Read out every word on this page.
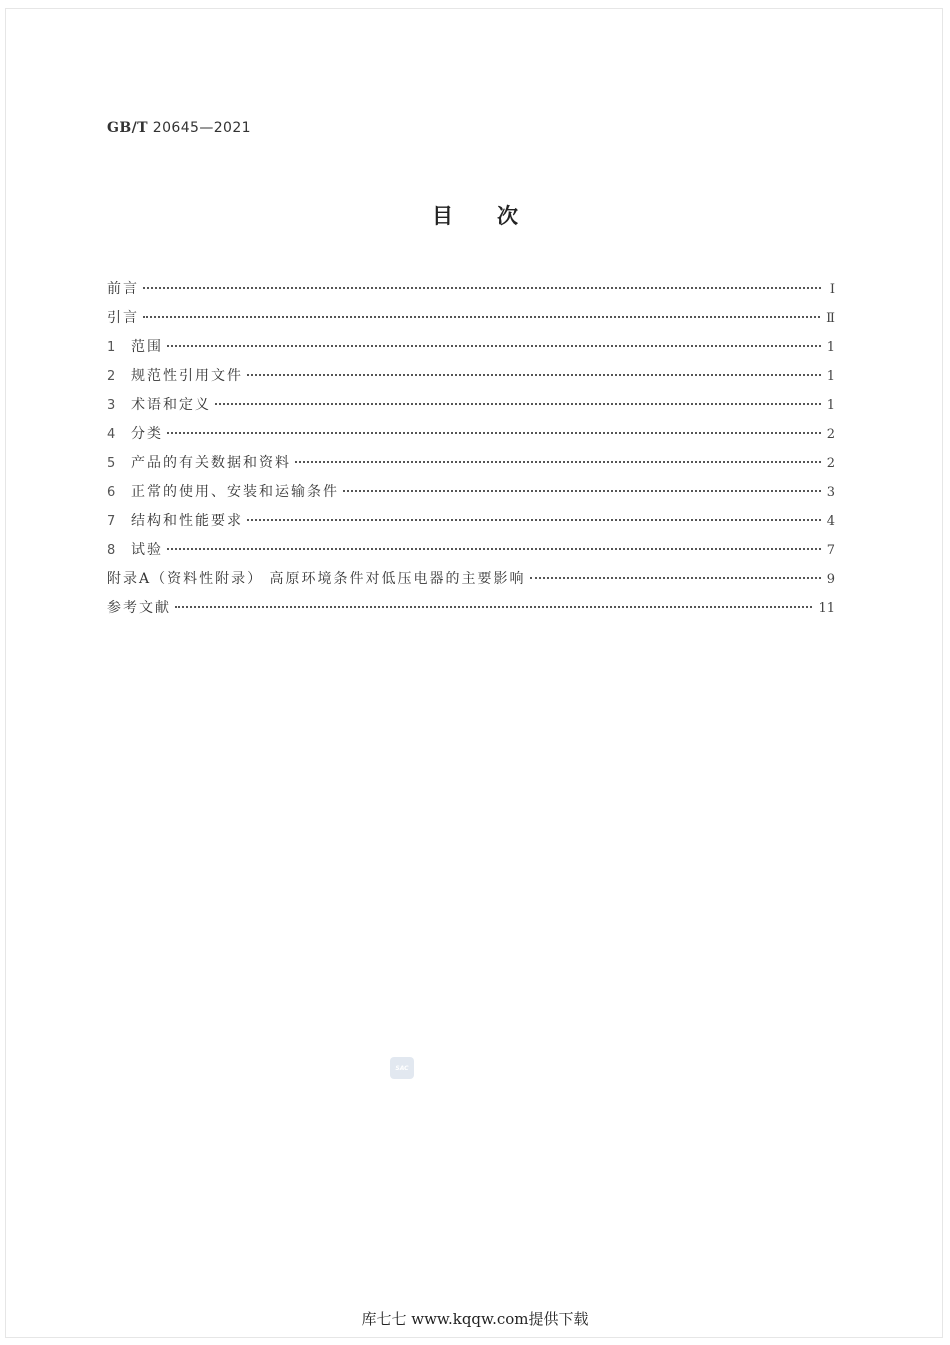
GB/T 20645—2021
目次
前言	Ⅰ
引言	Ⅱ
1	范围	1
2	规范性引用文件	1
3	术语和定义	1
4	分类	2
5	产品的有关数据和资料	2
6	正常的使用、安装和运输条件	3
7	结构和性能要求	4
8	试验	7
附录A（资料性附录） 高原环境条件对低压电器的主要影响	9
参考文献	11
SAC
库七七 www.kqqw.com提供下载
